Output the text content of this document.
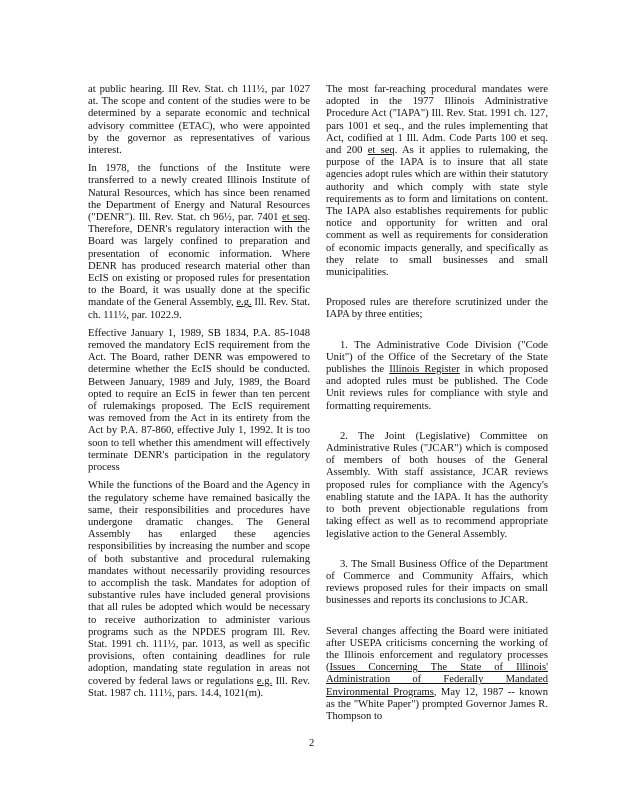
at public hearing. Ill Rev. Stat. ch 111½, par 1027 at. The scope and content of the studies were to be determined by a separate economic and technical advisory committee (ETAC), who were appointed by the governor as representatives of various interest.

In 1978, the functions of the Institute were transferred to a newly created Illinois Institute of Natural Resources, which has since been renamed the Department of Energy and Natural Resources ("DENR"). Ill. Rev. Stat. ch 96½, par. 7401 et seq. Therefore, DENR's regulatory interaction with the Board was largely confined to preparation and presentation of economic information. Where DENR has produced research material other than EcIS on existing or proposed rules for presentation to the Board, it was usually done at the specific mandate of the General Assembly, e.g. Ill. Rev. Stat. ch. 111½, par. 1022.9.

Effective January 1, 1989, SB 1834, P.A. 85-1048 removed the mandatory EcIS requirement from the Act. The Board, rather DENR was empowered to determine whether the EcIS should be conducted. Between January, 1989 and July, 1989, the Board opted to require an EcIS in fewer than ten percent of rulemakings proposed. The EcIS requirement was removed from the Act in its entirety from the Act by P.A. 87-860, effective July 1, 1992. It is too soon to tell whether this amendment will effectively terminate DENR's participation in the regulatory process

While the functions of the Board and the Agency in the regulatory scheme have remained basically the same, their responsibilities and procedures have undergone dramatic changes. The General Assembly has enlarged these agencies responsibilities by increasing the number and scope of both substantive and procedural rulemaking mandates without necessarily providing resources to accomplish the task. Mandates for adoption of substantive rules have included general provisions that all rules be adopted which would be necessary to receive authorization to administer various programs such as the NPDES program Ill. Rev. Stat. 1991 ch. 111½, par. 1013, as well as specific provisions, often containing deadlines for rule adoption, mandating state regulation in areas not covered by federal laws or regulations e.g. Ill. Rev. Stat. 1987 ch. 111½, pars. 14.4, 1021(m).

The most far-reaching procedural mandates were adopted in the 1977 Illinois Administrative Procedure Act ("IAPA") Ill. Rev. Stat. 1991 ch. 127, pars 1001 et seq., and the rules implementing that Act, codified at 1 Ill. Adm. Code Parts 100 et seq. and 200 et seq. As it applies to rulemaking, the purpose of the IAPA is to insure that all state agencies adopt rules which are within their statutory authority and which comply with state style requirements as to form and limitations on content. The IAPA also establishes requirements for public notice and opportunity for written and oral comment as well as requirements for consideration of economic impacts generally, and specifically as they relate to small businesses and small municipalities.

Proposed rules are therefore scrutinized under the IAPA by three entities;

1. The Administrative Code Division ("Code Unit") of the Office of the Secretary of the State publishes the Illinois Register in which proposed and adopted rules must be published. The Code Unit reviews rules for compliance with style and formatting requirements.

2. The Joint (Legislative) Committee on Administrative Rules ("JCAR") which is composed of members of both houses of the General Assembly. With staff assistance, JCAR reviews proposed rules for compliance with the Agency's enabling statute and the IAPA. It has the authority to both prevent objectionable regulations from taking effect as well as to recommend appropriate legislative action to the General Assembly.

3. The Small Business Office of the Department of Commerce and Community Affairs, which reviews proposed rules for their impacts on small businesses and reports its conclusions to JCAR.

Several changes affecting the Board were initiated after USEPA criticisms concerning the working of the Illinois enforcement and regulatory processes (Issues Concerning The State of Illinois' Administration of Federally Mandated Environmental Programs, May 12, 1987 -- known as the "White Paper") prompted Governor James R. Thompson to

2
